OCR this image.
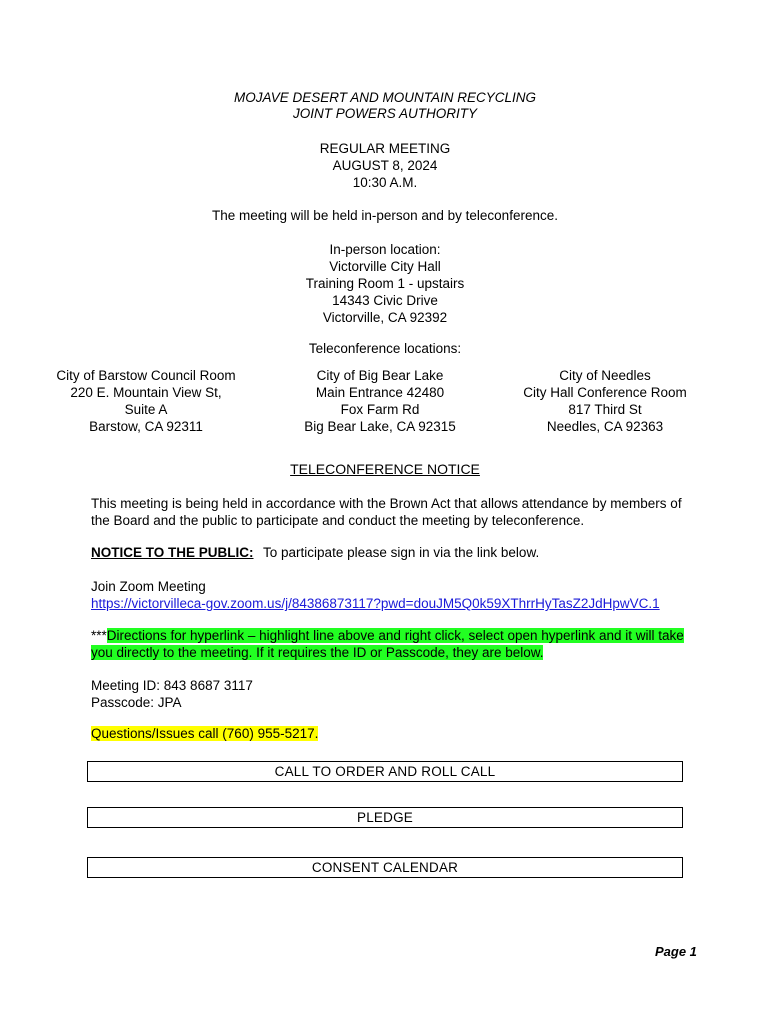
MOJAVE DESERT AND MOUNTAIN RECYCLING
JOINT POWERS AUTHORITY
REGULAR MEETING
AUGUST 8, 2024
10:30 A.M.
The meeting will be held in-person and by teleconference.
In-person location:
Victorville City Hall
Training Room 1 - upstairs
14343 Civic Drive
Victorville, CA 92392
Teleconference locations:
City of Barstow Council Room
220 E. Mountain View St,
Suite A
Barstow, CA 92311
City of Big Bear Lake
Main Entrance 42480
Fox Farm Rd
Big Bear Lake, CA 92315
City of Needles
City Hall Conference Room
817 Third St
Needles, CA 92363
TELECONFERENCE NOTICE
This meeting is being held in accordance with the Brown Act that allows attendance by members of the Board and the public to participate and conduct the meeting by teleconference.
NOTICE TO THE PUBLIC: To participate please sign in via the link below.
Join Zoom Meeting
https://victorvilleca-gov.zoom.us/j/84386873117?pwd=douJM5Q0k59XThrrHyTasZ2JdHpwVC.1
***Directions for hyperlink – highlight line above and right click, select open hyperlink and it will take you directly to the meeting. If it requires the ID or Passcode, they are below.
Meeting ID: 843 8687 3117
Passcode: JPA
Questions/Issues call (760) 955-5217.
CALL TO ORDER AND ROLL CALL
PLEDGE
CONSENT CALENDAR
Page 1
